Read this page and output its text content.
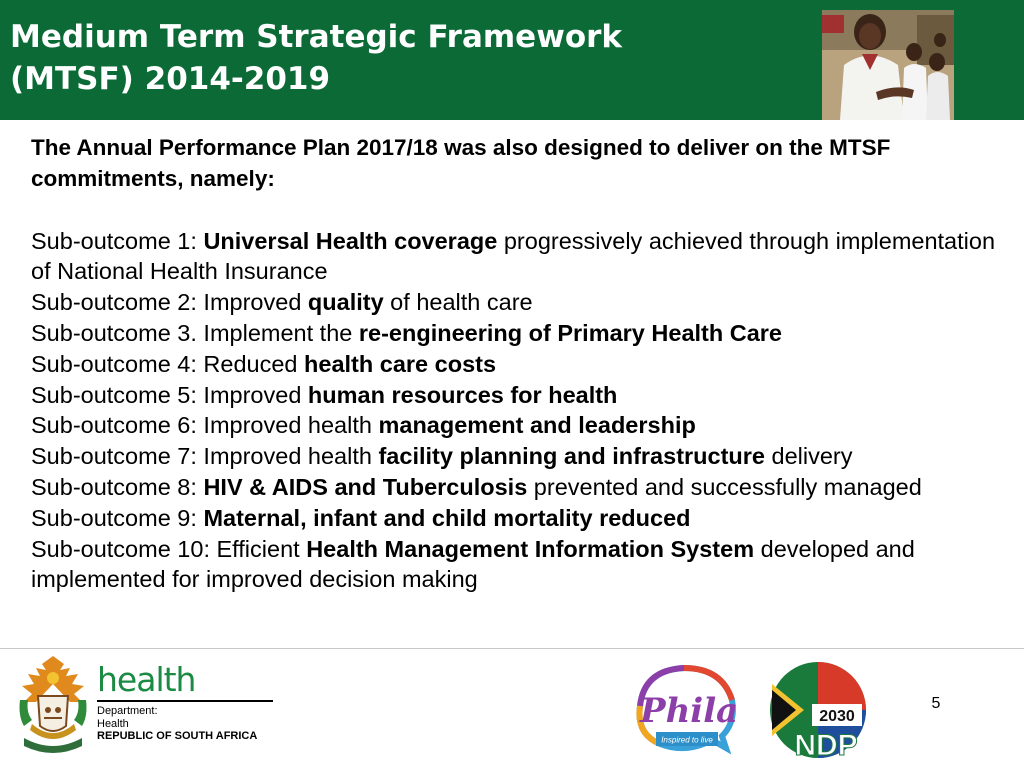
Medium Term Strategic Framework
(MTSF) 2014-2019

The Annual Performance Plan 2017/18 was also designed to deliver on the MTSF commitments, namely:

Sub-outcome 1: Universal Health coverage progressively achieved through implementation of National Health Insurance

Sub-outcome 2: Improved quality of health care

Sub-outcome 3. Implement the re-engineering of Primary Health Care

Sub-outcome 4: Reduced health care costs

Sub-outcome 5: Improved human resources for health

Sub-outcome 6: Improved health management and leadership

Sub-outcome 7: Improved health facility planning and infrastructure delivery

Sub-outcome 8: HIV & AIDS and Tuberculosis prevented and successfully managed

Sub-outcome 9: Maternal, infant and child mortality reduced

Sub-outcome 10: Efficient Health Management Information System developed and implemented for improved decision making

health
Department:
Health
REPUBLIC OF SOUTH AFRICA
Phila
Inspired to live
2030
NDP
5
